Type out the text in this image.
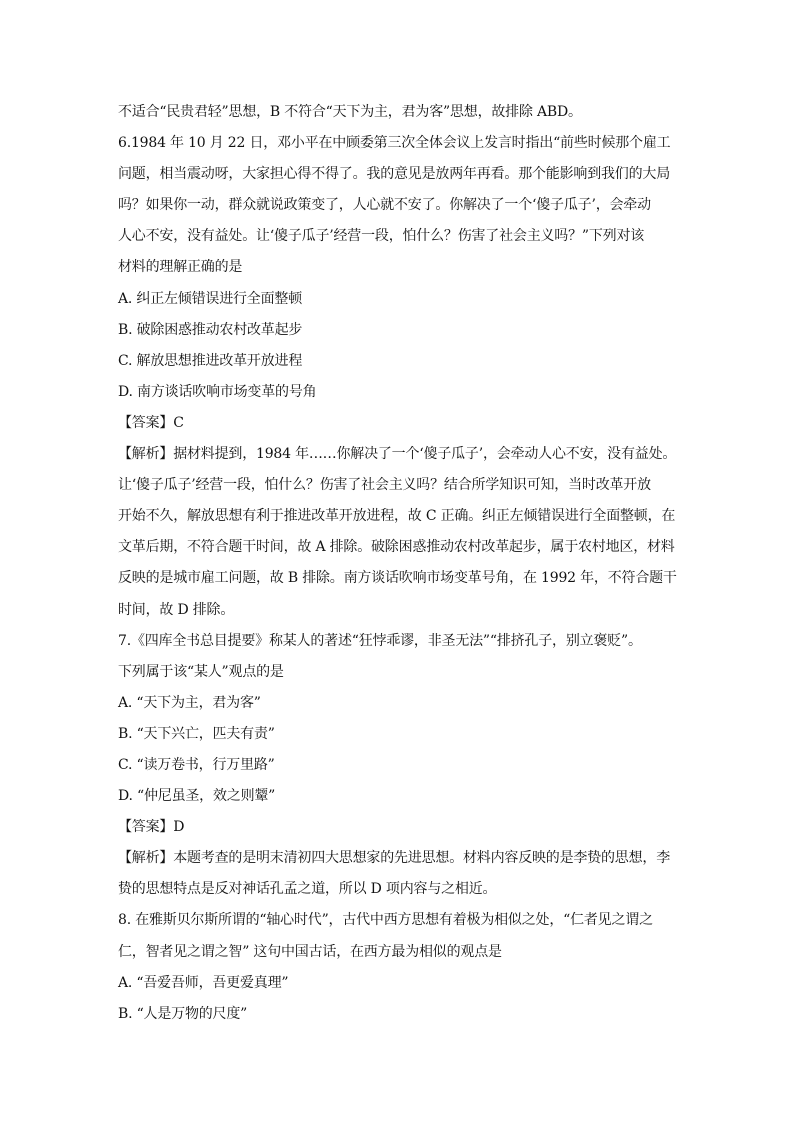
不适合“民贵君轻”思想，B 不符合“天下为主，君为客”思想，故排除 ABD。
6.1984 年 10 月 22 日，邓小平在中顾委第三次全体会议上发言时指出“前些时候那个雇工
问题，相当震动呀，大家担心得不得了。我的意见是放两年再看。那个能影响到我们的大局
吗？如果你一动，群众就说政策变了，人心就不安了。你解决了一个‘傻子瓜子’，会牵动
人心不安，没有益处。让‘傻子瓜子’经营一段，怕什么？伤害了社会主义吗？”下列对该
材料的理解正确的是
A. 纠正左倾错误进行全面整顿
B. 破除困惑推动农村改革起步
C. 解放思想推进改革开放进程
D. 南方谈话吹响市场变革的号角
【答案】C
【解析】据材料提到，1984 年……你解决了一个‘傻子瓜子’，会牵动人心不安，没有益处。
让‘傻子瓜子’经营一段，怕什么？伤害了社会主义吗？结合所学知识可知，当时改革开放
开始不久，解放思想有利于推进改革开放进程，故 C 正确。纠正左倾错误进行全面整顿，在
文革后期，不符合题干时间，故 A 排除。破除困惑推动农村改革起步，属于农村地区，材料
反映的是城市雇工问题，故 B 排除。南方谈话吹响市场变革号角，在 1992 年，不符合题干
时间，故 D 排除。
7.《四库全书总目提要》称某人的著述“狂悖乖谬，非圣无法”“排挤孔子，别立褒贬”。
下列属于该“某人”观点的是
A. “天下为主，君为客”
B. “天下兴亡，匹夫有责”
C. “读万卷书，行万里路”
D. “仲尼虽圣，效之则颦”
【答案】D
【解析】本题考查的是明末清初四大思想家的先进思想。材料内容反映的是李贽的思想，李
贽的思想特点是反对神话孔孟之道，所以 D 项内容与之相近。
8. 在雅斯贝尔斯所谓的“轴心时代”，古代中西方思想有着极为相似之处，“仁者见之谓之
仁，智者见之谓之智” 这句中国古话，在西方最为相似的观点是
A. “吾爱吾师，吾更爱真理”
B. “人是万物的尺度”
